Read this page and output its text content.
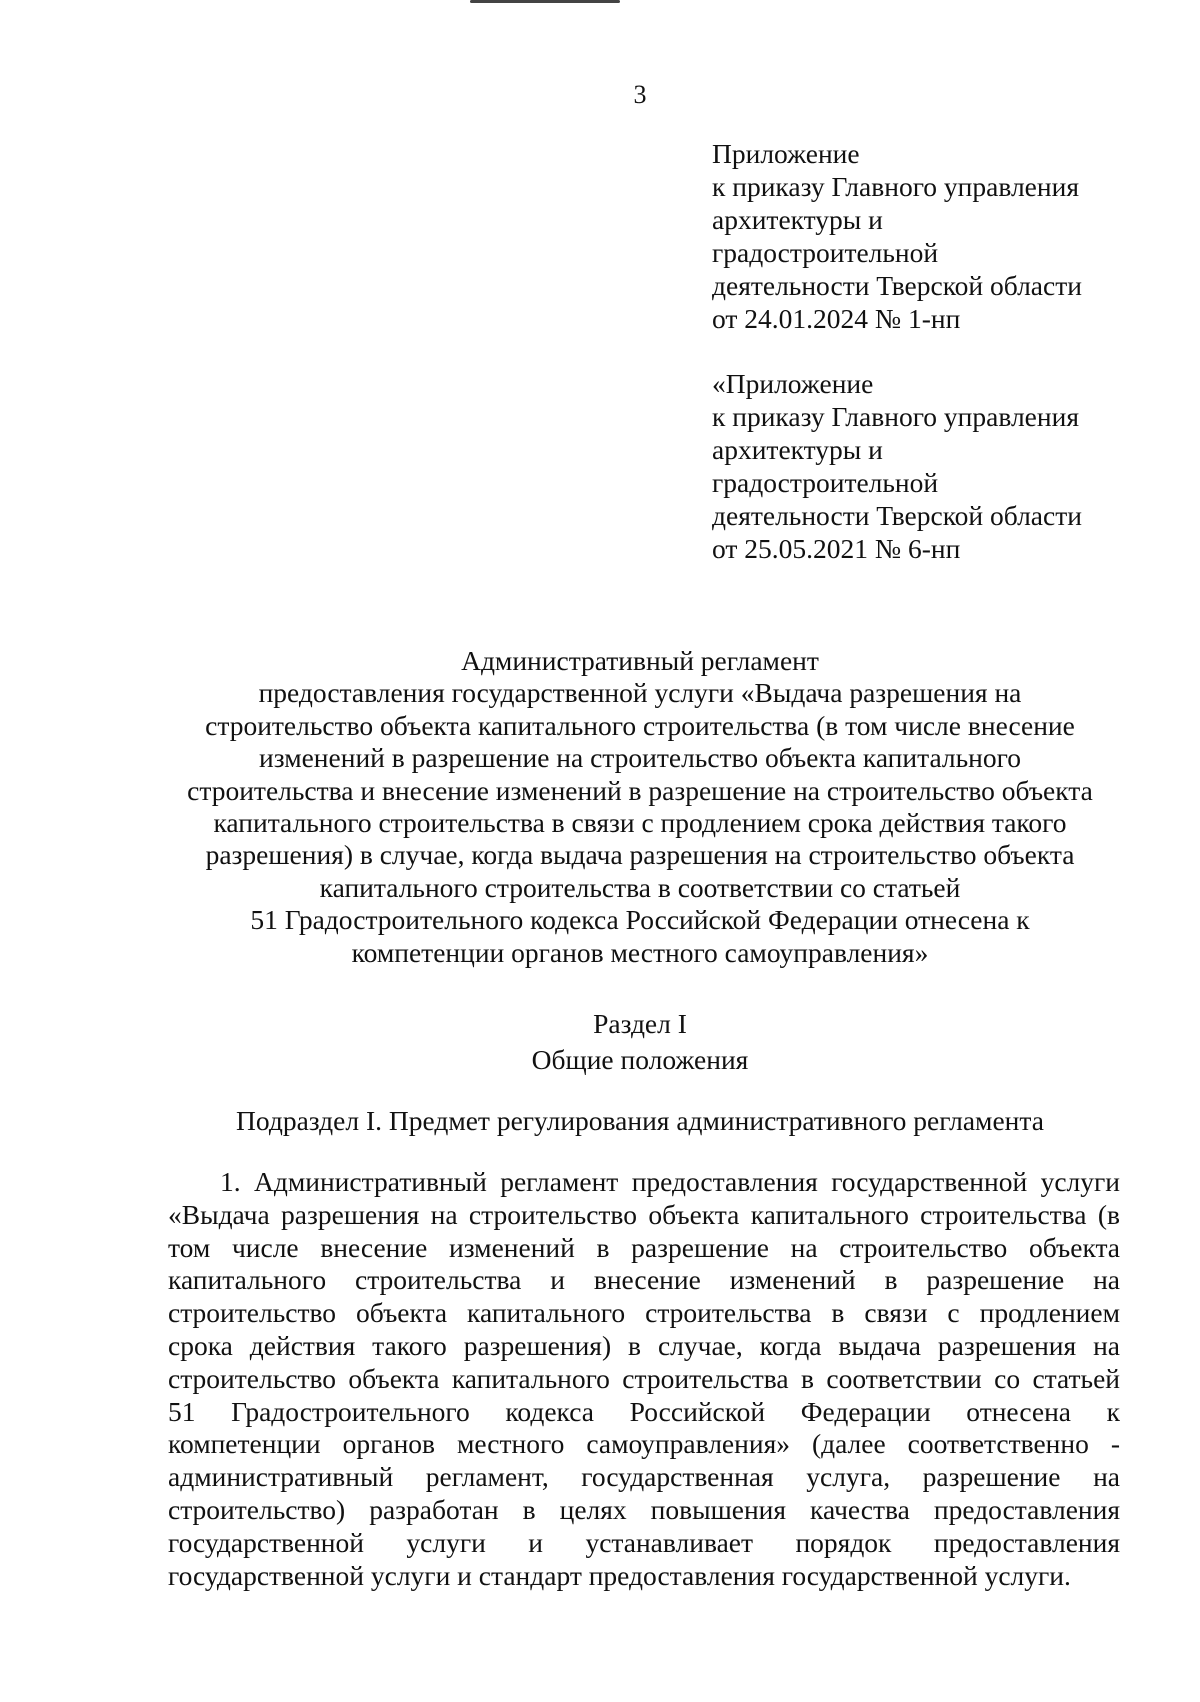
3
Приложение
к приказу Главного управления
архитектуры и
градостроительной
деятельности Тверской области
от 24.01.2024 № 1-нп
«Приложение
к приказу Главного управления
архитектуры и
градостроительной
деятельности Тверской области
от 25.05.2021 № 6-нп
Административный регламент
предоставления государственной услуги «Выдача разрешения на
строительство объекта капитального строительства (в том числе внесение
изменений в разрешение на строительство объекта капитального
строительства и внесение изменений в разрешение на строительство объекта
капитального строительства в связи с продлением срока действия такого
разрешения) в случае, когда выдача разрешения на строительство объекта
капитального строительства в соответствии со статьей
51 Градостроительного кодекса Российской Федерации отнесена к
компетенции органов местного самоуправления»
Раздел I
Общие положения
Подраздел I. Предмет регулирования административного регламента
1. Административный регламент предоставления государственной услуги
«Выдача разрешения на строительство объекта капитального строительства (в
том числе внесение изменений в разрешение на строительство объекта
капитального строительства и внесение изменений в разрешение на
строительство объекта капитального строительства в связи с продлением
срока действия такого разрешения) в случае, когда выдача разрешения на
строительство объекта капитального строительства в соответствии со статьей
51 Градостроительного кодекса Российской Федерации отнесена к
компетенции органов местного самоуправления» (далее соответственно -
административный регламент, государственная услуга, разрешение на
строительство) разработан в целях повышения качества предоставления
государственной услуги и устанавливает порядок предоставления
государственной услуги и стандарт предоставления государственной услуги.
